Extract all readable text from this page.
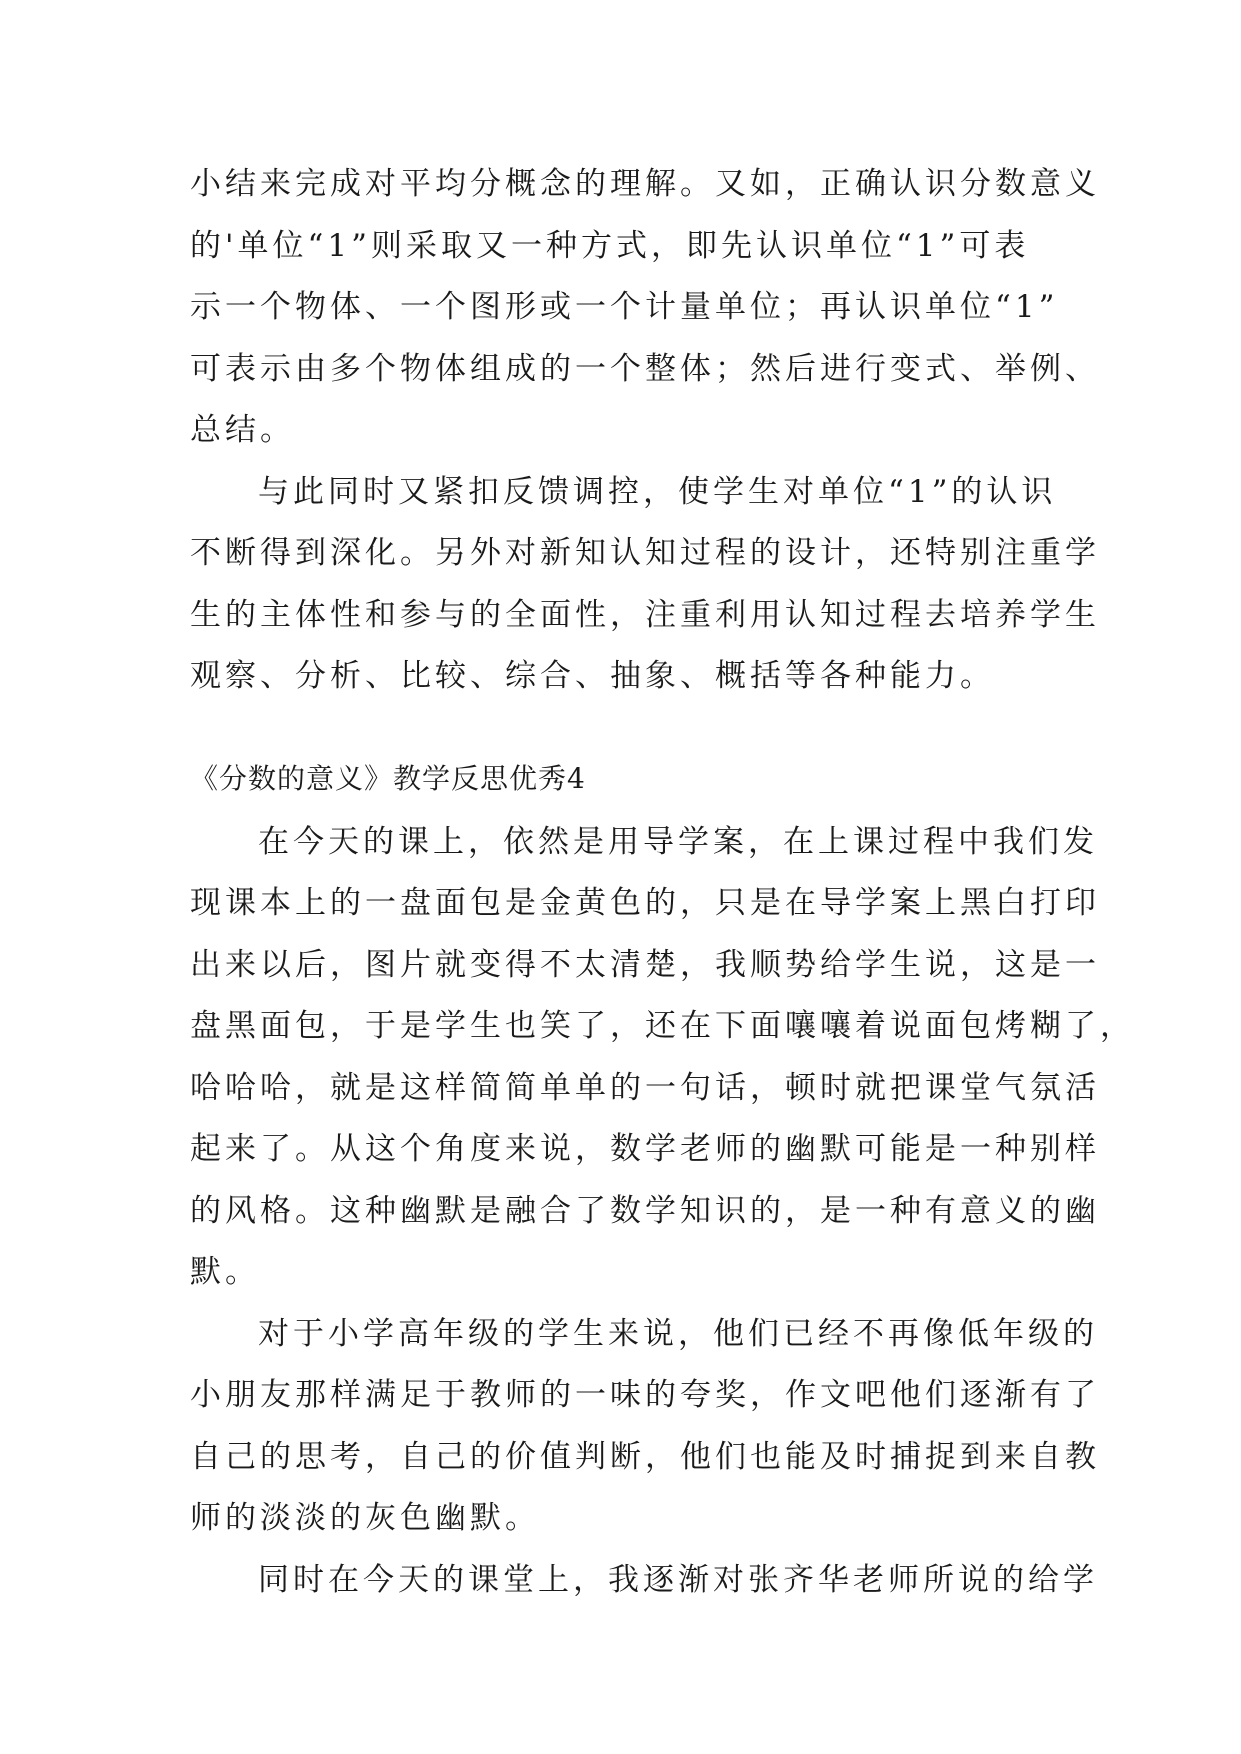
小结来完成对平均分概念的理解。又如，正确认识分数意义
的'单位“1”则采取又一种方式，即先认识单位“1”可表
示一个物体、一个图形或一个计量单位；再认识单位“1”
可表示由多个物体组成的一个整体；然后进行变式、举例、
总结。
与此同时又紧扣反馈调控，使学生对单位“1”的认识
不断得到深化。另外对新知认知过程的设计，还特别注重学
生的主体性和参与的全面性，注重利用认知过程去培养学生
观察、分析、比较、综合、抽象、概括等各种能力。
《分数的意义》教学反思优秀4
在今天的课上，依然是用导学案，在上课过程中我们发
现课本上的一盘面包是金黄色的，只是在导学案上黑白打印
出来以后，图片就变得不太清楚，我顺势给学生说，这是一
盘黑面包，于是学生也笑了，还在下面嚷嚷着说面包烤糊了，
哈哈哈，就是这样简简单单的一句话，顿时就把课堂气氛活
起来了。从这个角度来说，数学老师的幽默可能是一种别样
的风格。这种幽默是融合了数学知识的，是一种有意义的幽
默。
对于小学高年级的学生来说，他们已经不再像低年级的
小朋友那样满足于教师的一味的夸奖，作文吧他们逐渐有了
自己的思考，自己的价值判断，他们也能及时捕捉到来自教
师的淡淡的灰色幽默。
同时在今天的课堂上，我逐渐对张齐华老师所说的给学
